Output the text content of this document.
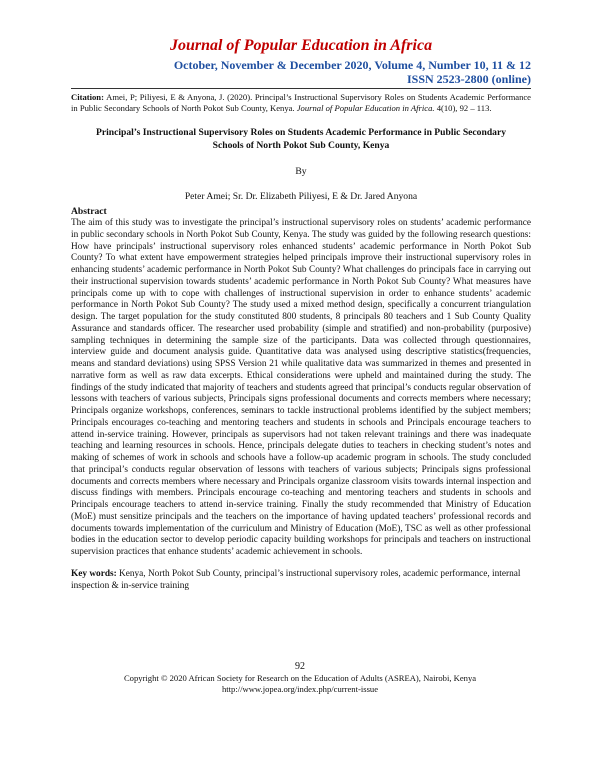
Journal of Popular Education in Africa

October, November & December 2020, Volume 4, Number 10, 11 & 12

ISSN 2523-2800 (online)

Citation: Amei, P; Piliyesi, E & Anyona, J. (2020). Principal’s Instructional Supervisory Roles on Students Academic Performance in Public Secondary Schools of North Pokot Sub County, Kenya. Journal of Popular Education in Africa. 4(10), 92 – 113.

Principal’s Instructional Supervisory Roles on Students Academic Performance in Public Secondary Schools of North Pokot Sub County, Kenya

By

Peter Amei; Sr. Dr. Elizabeth Piliyesi, E & Dr. Jared Anyona

Abstract

The aim of this study was to investigate the principal’s instructional supervisory roles on students’ academic performance in public secondary schools in North Pokot Sub County, Kenya. The study was guided by the following research questions: How have principals’ instructional supervisory roles enhanced students’ academic performance in North Pokot Sub County? To what extent have empowerment strategies helped principals improve their instructional supervisory roles in enhancing students’ academic performance in North Pokot Sub County? What challenges do principals face in carrying out their instructional supervision towards students’ academic performance in North Pokot Sub County? What measures have principals come up with to cope with challenges of instructional supervision in order to enhance students’ academic performance in North Pokot Sub County? The study used a mixed method design, specifically a concurrent triangulation design. The target population for the study constituted 800 students, 8 principals 80 teachers and 1 Sub County Quality Assurance and standards officer. The researcher used probability (simple and stratified) and non-probability (purposive) sampling techniques in determining the sample size of the participants. Data was collected through questionnaires, interview guide and document analysis guide. Quantitative data was analysed using descriptive statistics(frequencies, means and standard deviations) using SPSS Version 21 while qualitative data was summarized in themes and presented in narrative form as well as raw data excerpts. Ethical considerations were upheld and maintained during the study. The findings of the study indicated that majority of teachers and students agreed that principal’s conducts regular observation of lessons with teachers of various subjects, Principals signs professional documents and corrects members where necessary; Principals organize workshops, conferences, seminars to tackle instructional problems identified by the subject members; Principals encourages co-teaching and mentoring teachers and students in schools and Principals encourage teachers to attend in-service training. However, principals as supervisors had not taken relevant trainings and there was inadequate teaching and learning resources in schools. Hence, principals delegate duties to teachers in checking student’s notes and making of schemes of work in schools and schools have a follow-up academic program in schools. The study concluded that principal’s conducts regular observation of lessons with teachers of various subjects; Principals signs professional documents and corrects members where necessary and Principals organize classroom visits towards internal inspection and discuss findings with members. Principals encourage co-teaching and mentoring teachers and students in schools and Principals encourage teachers to attend in-service training. Finally the study recommended that Ministry of Education (MoE) must sensitize principals and the teachers on the importance of having updated teachers’ professional records and documents towards implementation of the curriculum and Ministry of Education (MoE), TSC as well as other professional bodies in the education sector to develop periodic capacity building workshops for principals and teachers on instructional supervision practices that enhance students’ academic achievement in schools.

Key words: Kenya, North Pokot Sub County, principal’s instructional supervisory roles, academic performance, internal inspection & in-service training

92
Copyright © 2020 African Society for Research on the Education of Adults (ASREA), Nairobi, Kenya
http://www.jopea.org/index.php/current-issue
